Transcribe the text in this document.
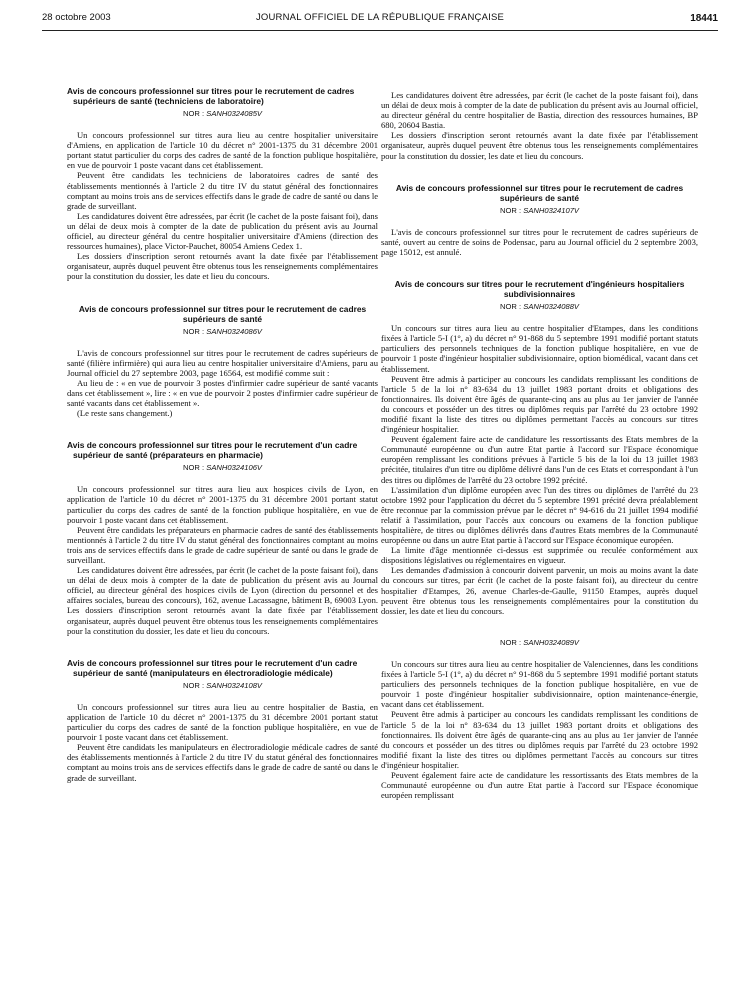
28 octobre 2003	JOURNAL OFFICIEL DE LA RÉPUBLIQUE FRANÇAISE	18441

Avis de concours professionnel sur titres pour le recrutement de cadres supérieurs de santé (techniciens de laboratoire)

NOR : SANH0324085V

Un concours professionnel sur titres aura lieu au centre hospitalier universitaire d'Amiens, en application de l'article 10 du décret n° 2001-1375 du 31 décembre 2001 portant statut particulier du corps des cadres de santé de la fonction publique hospitalière, en vue de pourvoir 1 poste vacant dans cet établissement.

Peuvent être candidats les techniciens de laboratoires cadres de santé des établissements mentionnés à l'article 2 du titre IV du statut général des fonctionnaires comptant au moins trois ans de services effectifs dans le grade de cadre de santé ou dans le grade de surveillant.

Les candidatures doivent être adressées, par écrit (le cachet de la poste faisant foi), dans un délai de deux mois à compter de la date de publication du présent avis au Journal officiel, au directeur général du centre hospitalier universitaire d'Amiens (direction des ressources humaines), place Victor-Pauchet, 80054 Amiens Cedex 1.

Les dossiers d'inscription seront retournés avant la date fixée par l'établissement organisateur, auprès duquel peuvent être obtenus tous les renseignements complémentaires pour la constitution du dossier, les date et lieu du concours.

Avis de concours professionnel sur titres pour le recrutement de cadres supérieurs de santé

NOR : SANH0324086V

L'avis de concours professionnel sur titres pour le recrutement de cadres supérieurs de santé (filière infirmière) qui aura lieu au centre hospitalier universitaire d'Amiens, paru au Journal officiel du 27 septembre 2003, page 16564, est modifié comme suit :

Au lieu de : « en vue de pourvoir 3 postes d'infirmier cadre supérieur de santé vacants dans cet établissement », lire : « en vue de pourvoir 2 postes d'infirmier cadre supérieur de santé vacants dans cet établissement ».

(Le reste sans changement.)

Avis de concours professionnel sur titres pour le recrutement d'un cadre supérieur de santé (préparateurs en pharmacie)

NOR : SANH0324106V

Un concours professionnel sur titres aura lieu aux hospices civils de Lyon, en application de l'article 10 du décret n° 2001-1375 du 31 décembre 2001 portant statut particulier du corps des cadres de santé de la fonction publique hospitalière, en vue de pourvoir 1 poste vacant dans cet établissement.

Peuvent être candidats les préparateurs en pharmacie cadres de santé des établissements mentionnés à l'article 2 du titre IV du statut général des fonctionnaires comptant au moins trois ans de services effectifs dans le grade de cadre supérieur de santé ou dans le grade de surveillant.

Les candidatures doivent être adressées, par écrit (le cachet de la poste faisant foi), dans un délai de deux mois à compter de la date de publication du présent avis au Journal officiel, au directeur général des hospices civils de Lyon (direction du personnel et des affaires sociales, bureau des concours), 162, avenue Lacassagne, bâtiment B, 69003 Lyon. Les dossiers d'inscription seront retournés avant la date fixée par l'établissement organisateur, auprès duquel peuvent être obtenus tous les renseignements complémentaires pour la constitution du dossier, les date et lieu du concours.

Avis de concours professionnel sur titres pour le recrutement d'un cadre supérieur de santé (manipulateurs en électroradiologie médicale)

NOR : SANH0324108V

Un concours professionnel sur titres aura lieu au centre hospitalier de Bastia, en application de l'article 10 du décret n° 2001-1375 du 31 décembre 2001 portant statut particulier du corps des cadres de santé de la fonction publique hospitalière, en vue de pourvoir 1 poste vacant dans cet établissement.

Peuvent être candidats les manipulateurs en électroradiologie médicale cadres de santé des établissements mentionnés à l'article 2 du titre IV du statut général des fonctionnaires comptant au moins trois ans de services effectifs dans le grade de cadre de santé ou dans le grade de surveillant.

Les candidatures doivent être adressées, par écrit (le cachet de la poste faisant foi), dans un délai de deux mois à compter de la date de publication du présent avis au Journal officiel, au directeur général du centre hospitalier de Bastia, direction des ressources humaines, BP 680, 20604 Bastia.

Les dossiers d'inscription seront retournés avant la date fixée par l'établissement organisateur, auprès duquel peuvent être obtenus tous les renseignements complémentaires pour la constitution du dossier, les date et lieu du concours.

Avis de concours professionnel sur titres pour le recrutement de cadres supérieurs de santé

NOR : SANH0324107V

L'avis de concours professionnel sur titres pour le recrutement de cadres supérieurs de santé, ouvert au centre de soins de Podensac, paru au Journal officiel du 2 septembre 2003, page 15012, est annulé.

Avis de concours sur titres pour le recrutement d'ingénieurs hospitaliers subdivisionnaires

NOR : SANH0324088V

Un concours sur titres aura lieu au centre hospitalier d'Etampes, dans les conditions fixées à l'article 5-I (1°, a) du décret n° 91-868 du 5 septembre 1991 modifié portant statuts particuliers des personnels techniques de la fonction publique hospitalière, en vue de pourvoir 1 poste d'ingénieur hospitalier subdivisionnaire, option biomédical, vacant dans cet établissement.

Peuvent être admis à participer au concours les candidats remplissant les conditions de l'article 5 de la loi n° 83-634 du 13 juillet 1983 portant droits et obligations des fonctionnaires. Ils doivent être âgés de quarante-cinq ans au plus au 1er janvier de l'année du concours et posséder un des titres ou diplômes requis par l'arrêté du 23 octobre 1992 modifié fixant la liste des titres ou diplômes permettant l'accès au concours sur titres d'ingénieur hospitalier.

Peuvent également faire acte de candidature les ressortissants des Etats membres de la Communauté européenne ou d'un autre Etat partie à l'accord sur l'Espace économique européen remplissant les conditions prévues à l'article 5 bis de la loi du 13 juillet 1983 précitée, titulaires d'un titre ou diplôme délivré dans l'un de ces Etats et correspondant à l'un des titres ou diplômes de l'arrêté du 23 octobre 1992 précité.

L'assimilation d'un diplôme européen avec l'un des titres ou diplômes de l'arrêté du 23 octobre 1992 pour l'application du décret du 5 septembre 1991 précité devra préalablement être reconnue par la commission prévue par le décret n° 94-616 du 21 juillet 1994 modifié relatif à l'assimilation, pour l'accès aux concours ou examens de la fonction publique hospitalière, de titres ou diplômes délivrés dans d'autres Etats membres de la Communauté européenne ou dans un autre Etat partie à l'accord sur l'Espace économique européen.

La limite d'âge mentionnée ci-dessus est supprimée ou reculée conformément aux dispositions législatives ou réglementaires en vigueur.

Les demandes d'admission à concourir doivent parvenir, un mois au moins avant la date du concours sur titres, par écrit (le cachet de la poste faisant foi), au directeur du centre hospitalier d'Etampes, 26, avenue Charles-de-Gaulle, 91150 Etampes, auprès duquel peuvent être obtenus tous les renseignements complémentaires pour la constitution du dossier, les date et lieu du concours.

NOR : SANH0324089V

Un concours sur titres aura lieu au centre hospitalier de Valenciennes, dans les conditions fixées à l'article 5-I (1°, a) du décret n° 91-868 du 5 septembre 1991 modifié portant statuts particuliers des personnels techniques de la fonction publique hospitalière, en vue de pourvoir 1 poste d'ingénieur hospitalier subdivisionnaire, option maintenance-énergie, vacant dans cet établissement.

Peuvent être admis à participer au concours les candidats remplissant les conditions de l'article 5 de la loi n° 83-634 du 13 juillet 1983 portant droits et obligations des fonctionnaires. Ils doivent être âgés de quarante-cinq ans au plus au 1er janvier de l'année du concours et posséder un des titres ou diplômes requis par l'arrêté du 23 octobre 1992 modifié fixant la liste des titres ou diplômes permettant l'accès au concours sur titres d'ingénieur hospitalier.

Peuvent également faire acte de candidature les ressortissants des Etats membres de la Communauté européenne ou d'un autre Etat partie à l'accord sur l'Espace économique européen remplissant
